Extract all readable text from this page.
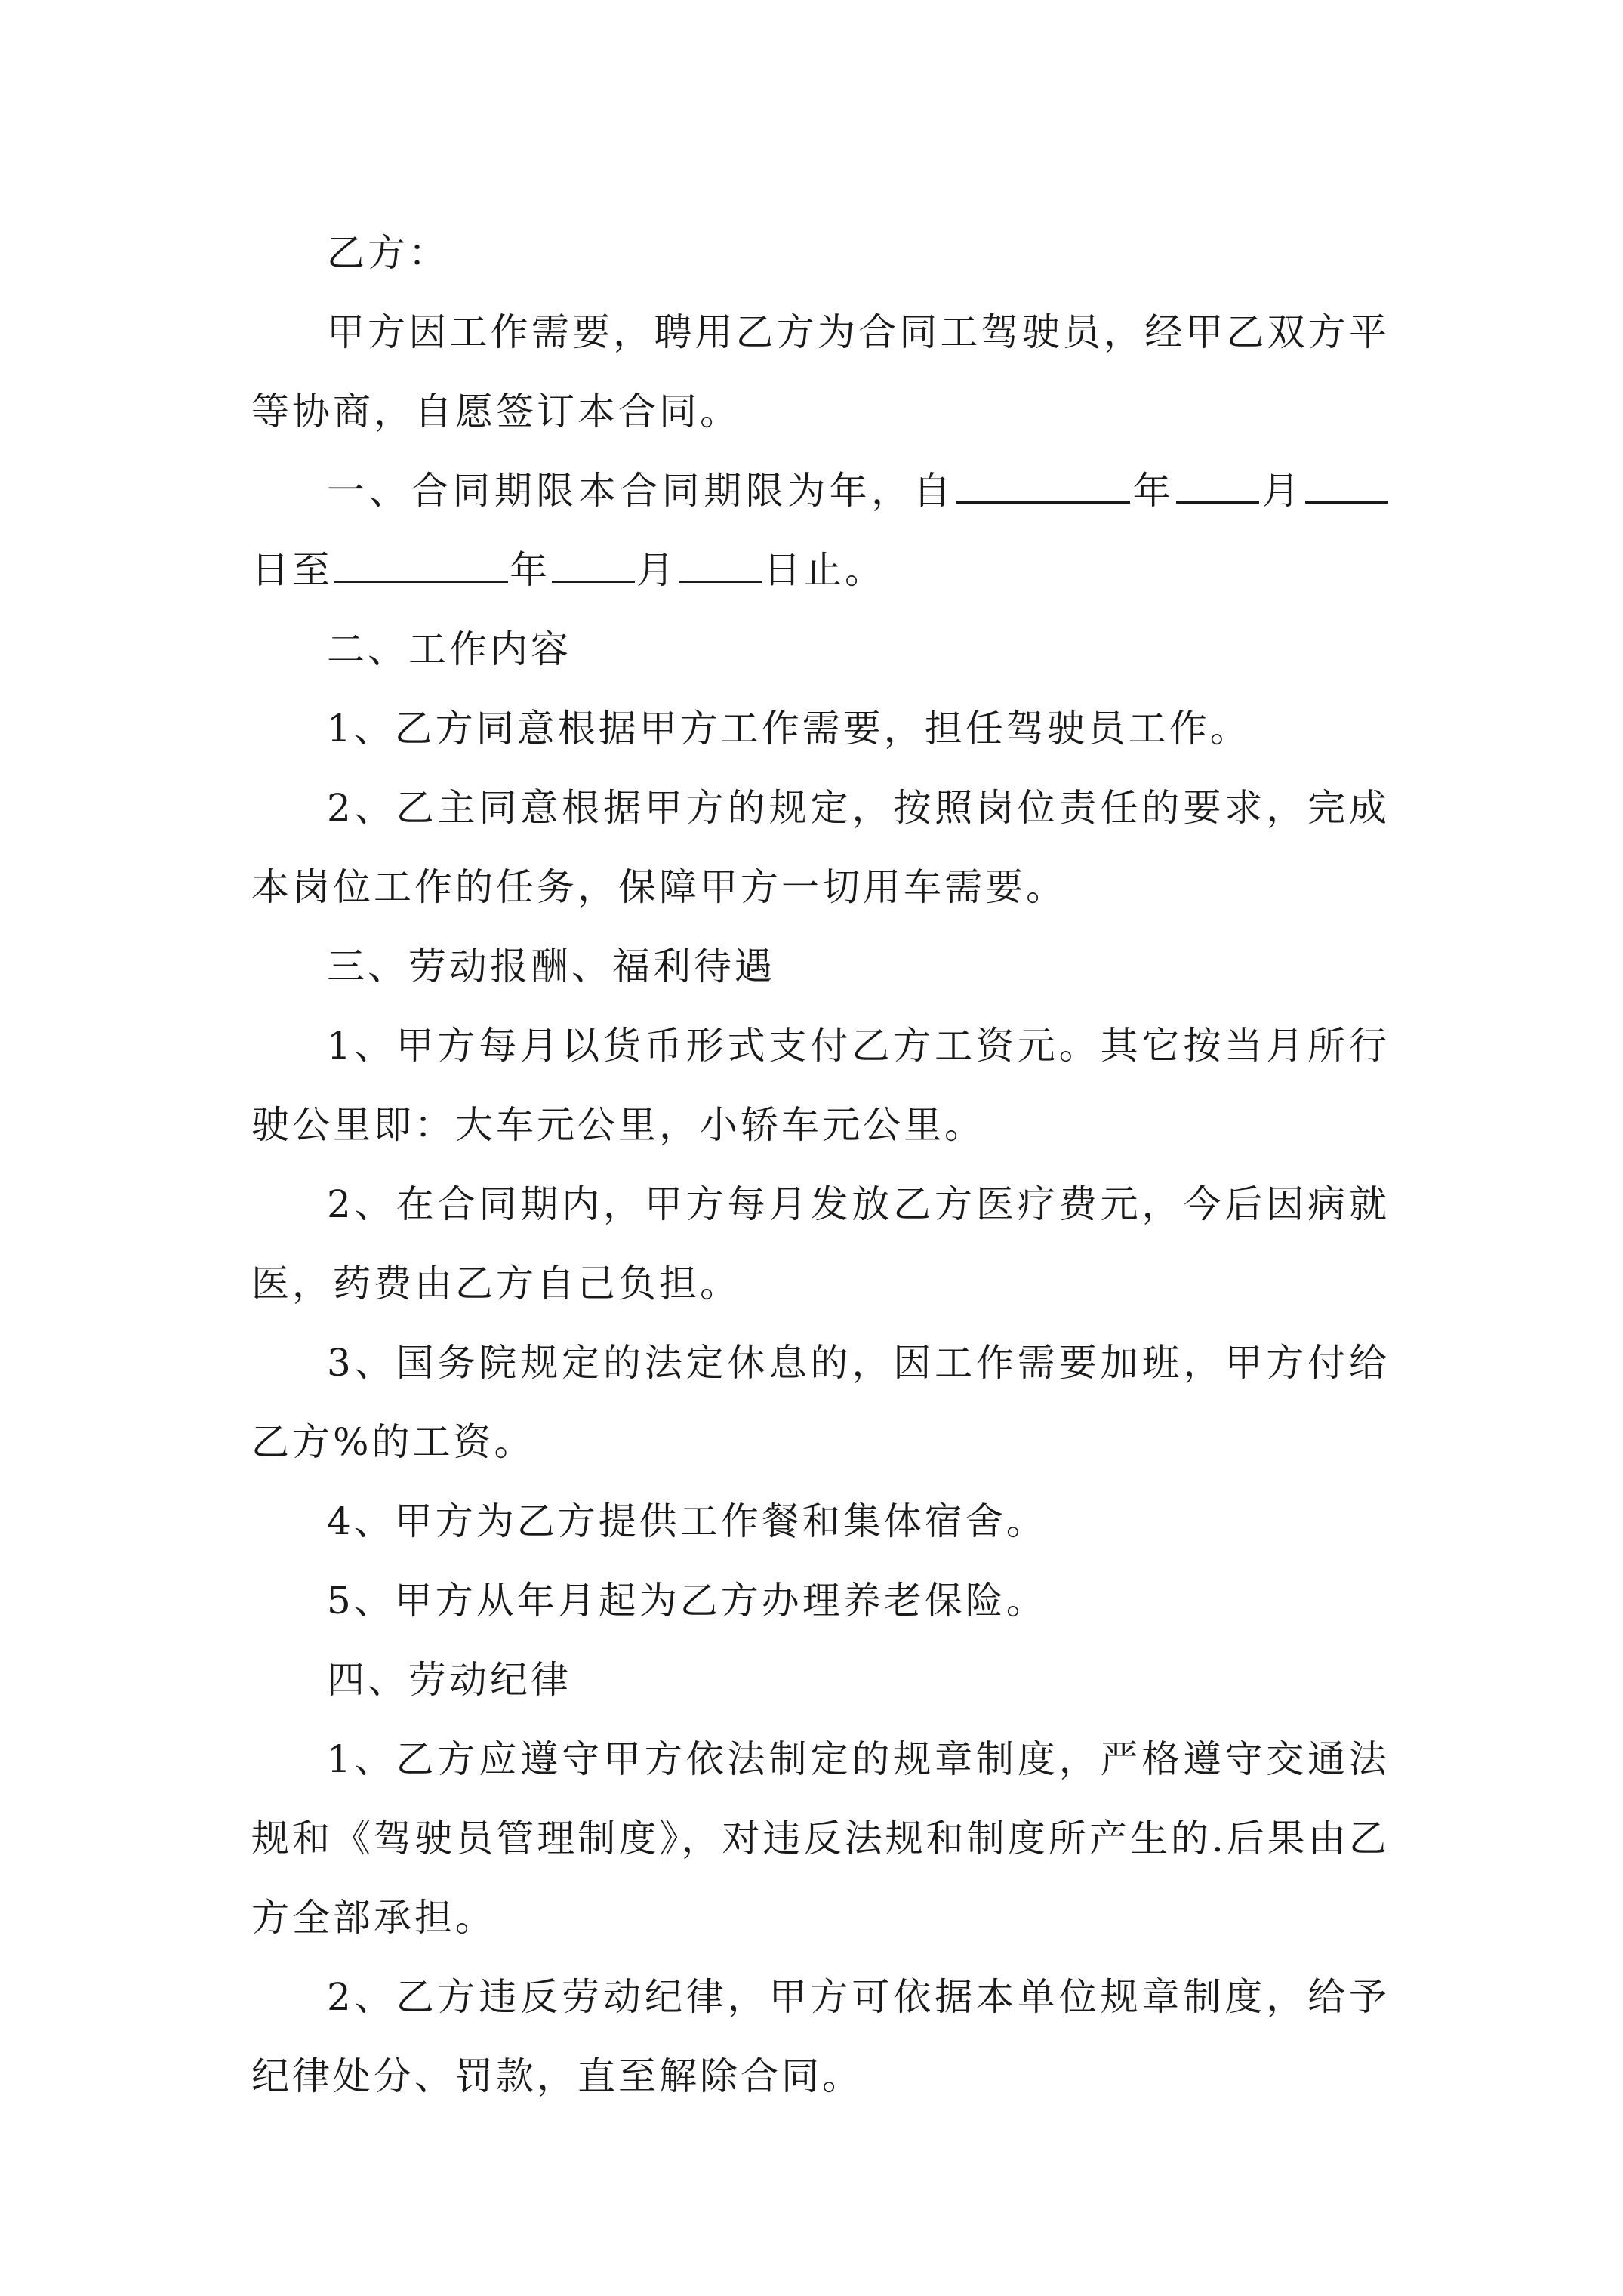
乙方：

甲方因工作需要，聘用乙方为合同工驾驶员，经甲乙双方平等协商，自愿签订本合同。

一、合同期限本合同期限为年，自	年 月日至	年 月 日止。

二、工作内容

1、乙方同意根据甲方工作需要，担任驾驶员工作。

2、乙主同意根据甲方的规定，按照岗位责任的要求，完成本岗位工作的任务，保障甲方一切用车需要。

三、劳动报酬、福利待遇

1、甲方每月以货币形式支付乙方工资元。其它按当月所行驶公里即：大车元公里，小轿车元公里。

2、在合同期内，甲方每月发放乙方医疗费元，今后因病就医，药费由乙方自己负担。

3、国务院规定的法定休息的，因工作需要加班，甲方付给乙方%的工资。

4、甲方为乙方提供工作餐和集体宿舍。

5、甲方从年月起为乙方办理养老保险。

四、劳动纪律

1、乙方应遵守甲方依法制定的规章制度，严格遵守交通法规和《驾驶员管理制度》，对违反法规和制度所产生的.后果由乙方全部承担。

2、乙方违反劳动纪律，甲方可依据本单位规章制度，给予纪律处分、罚款，直至解除合同。
